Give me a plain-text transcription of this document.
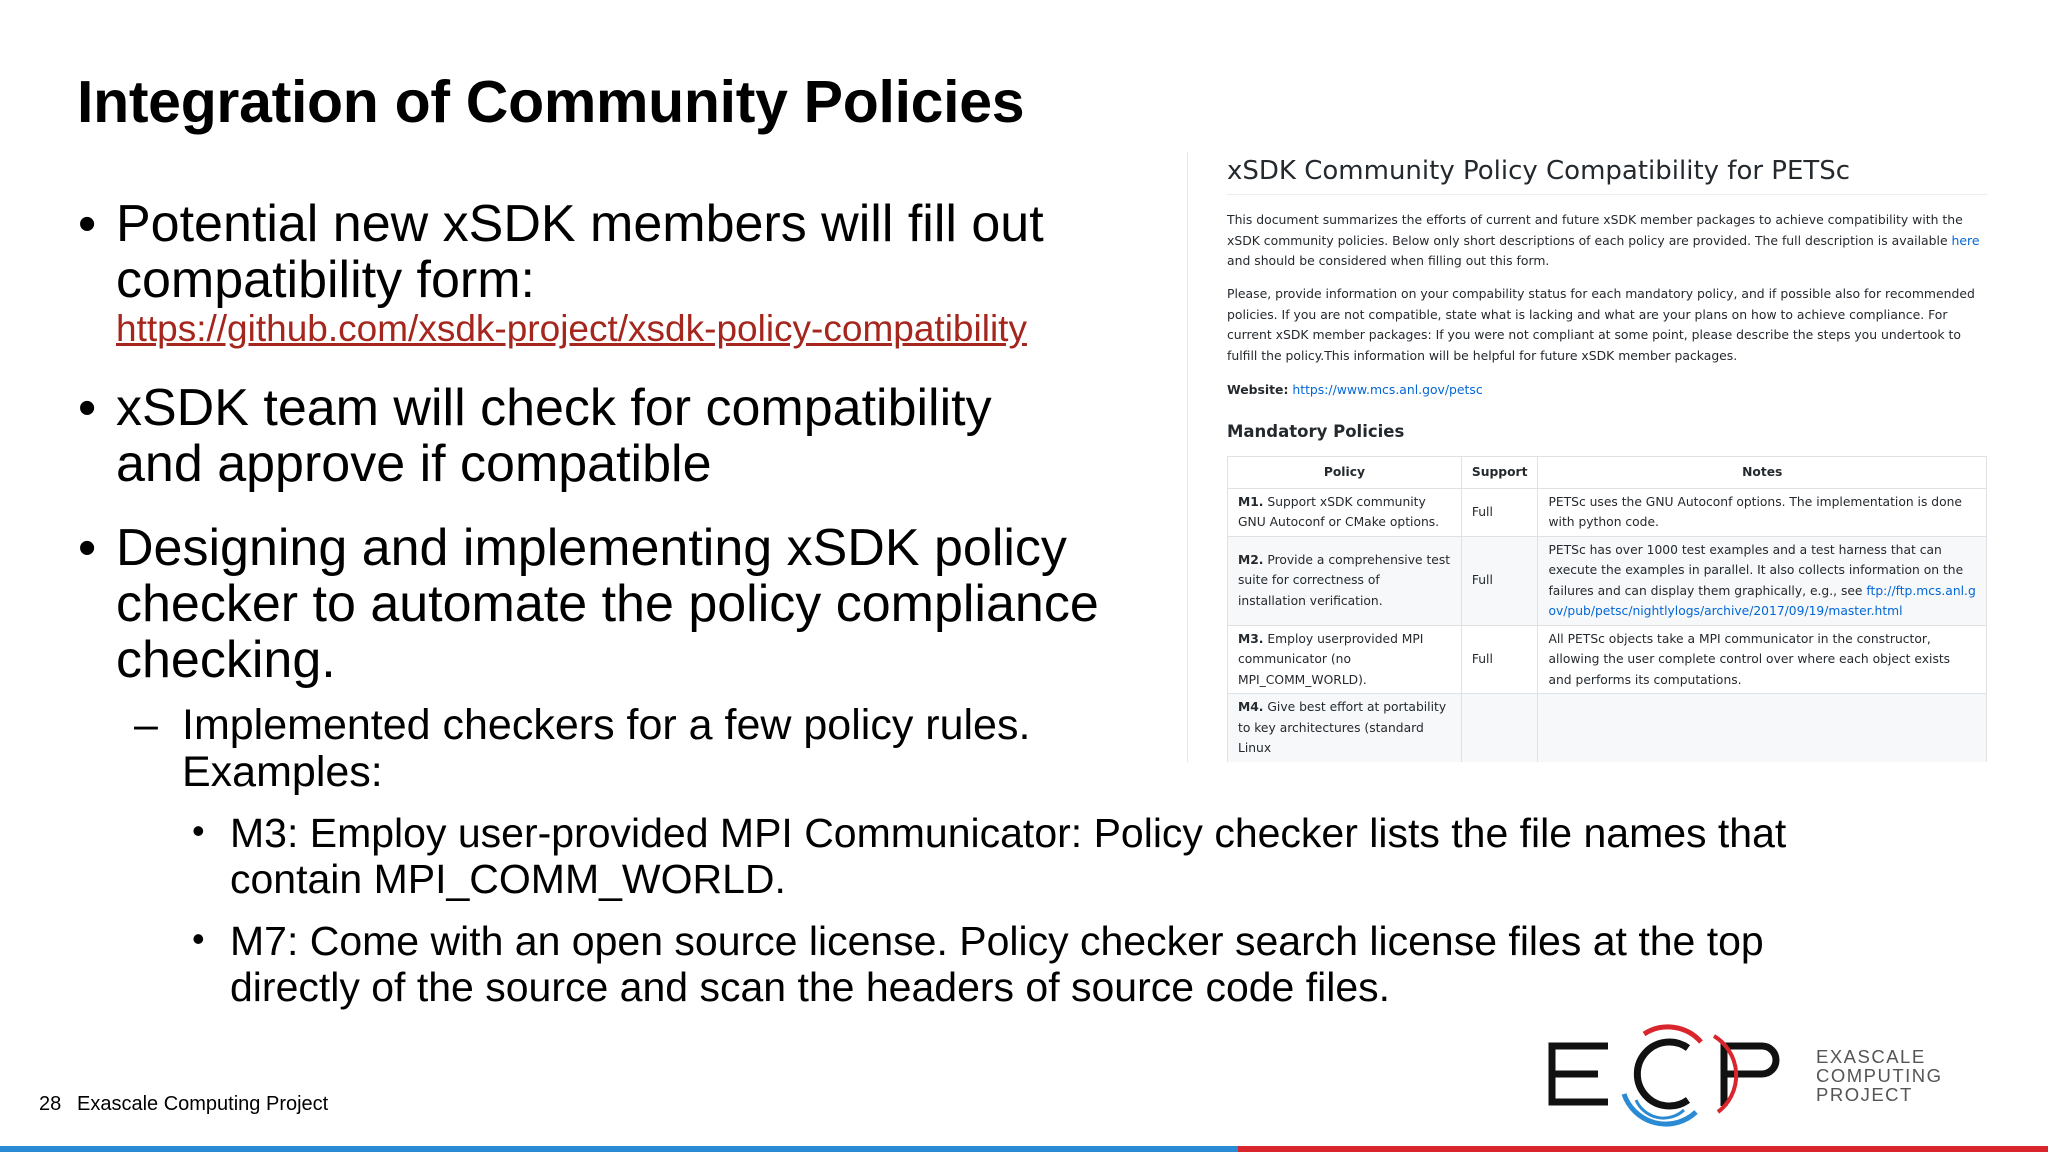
Integration of Community Policies
• Potential new xSDK members will fill out
compatibility form:
https://github.com/xsdk-project/xsdk-policy-compatibility
• xSDK team will check for compatibility
and approve if compatible
• Designing and implementing xSDK policy
checker to automate the policy compliance
checking.
– Implemented checkers for a few policy rules.
Examples:
• M3: Employ user-provided MPI Communicator: Policy checker lists the file names that
contain MPI_COMM_WORLD.
• M7: Come with an open source license. Policy checker search license files at the top
directly of the source and scan the headers of source code files.
xSDK Community Policy Compatibility for PETSc

This document summarizes the efforts of current and future xSDK member packages to achieve compatibility with the xSDK community policies. Below only short descriptions of each policy are provided. The full description is available here and should be considered when filling out this form.

Please, provide information on your compability status for each mandatory policy, and if possible also for recommended policies. If you are not compatible, state what is lacking and what are your plans on how to achieve compliance. For current xSDK member packages: If you were not compliant at some point, please describe the steps you undertook to fulfill the policy.This information will be helpful for future xSDK member packages.

Website: https://www.mcs.anl.gov/petsc

Mandatory Policies
Policy	Support	Notes
M1. Support xSDK community GNU Autoconf or CMake options.	Full	PETSc uses the GNU Autoconf options. The implementation is done with python code.
M2. Provide a comprehensive test suite for correctness of installation verification.	Full	PETSc has over 1000 test examples and a test harness that can execute the examples in parallel. It also collects information on the failures and can display them graphically, e.g., see ftp://ftp.mcs.anl.gov/pub/petsc/nightlylogs/archive/2017/09/19/master.html
M3. Employ userprovided MPI communicator (no MPI_COMM_WORLD).	Full	All PETSc objects take a MPI communicator in the constructor, allowing the user complete control over where each object exists and performs its computations.
M4. Give best effort at portability to key architectures (standard Linux		
28 Exascale Computing Project
EXASCALE
COMPUTING
PROJECT
